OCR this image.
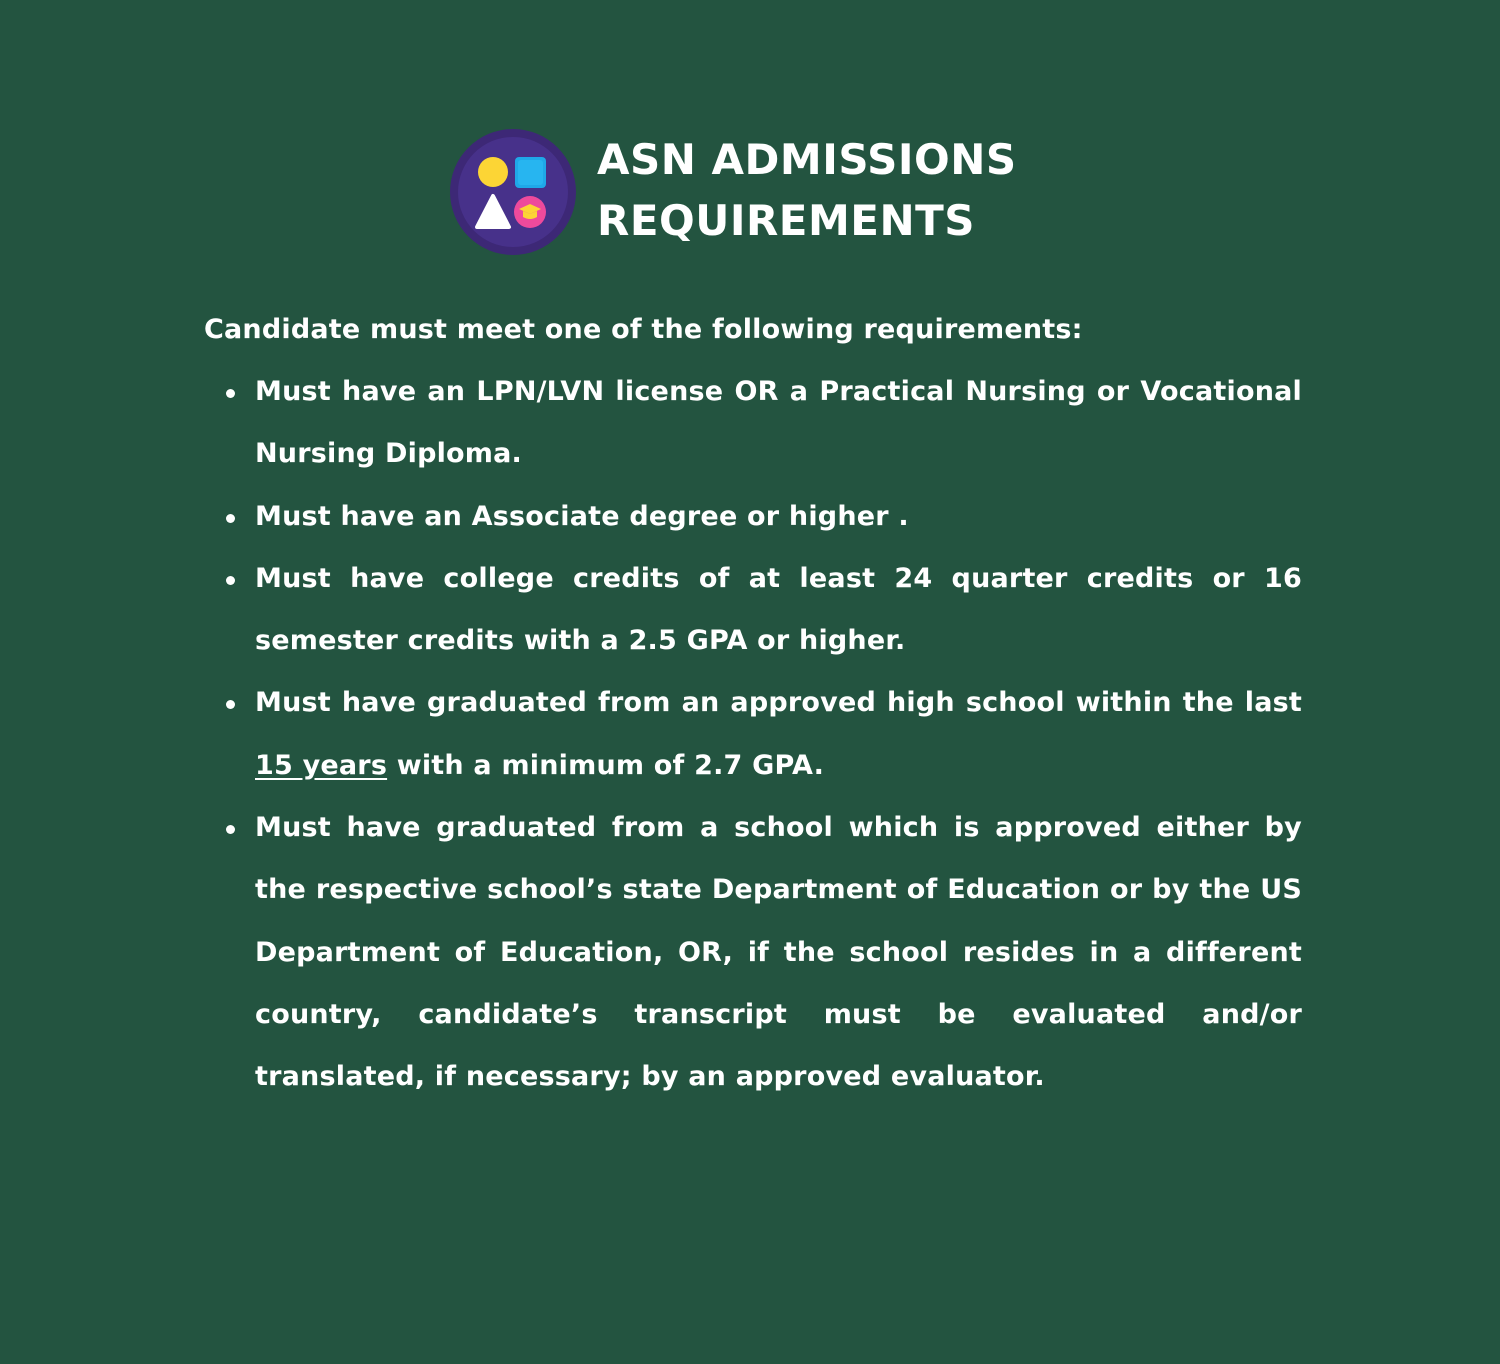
ASN ADMISSIONS
REQUIREMENTS
Candidate must meet one of the following requirements:
Must have an LPN/LVN license OR a Practical Nursing or Vocational Nursing Diploma.
Must have an Associate degree or higher .
Must have college credits of at least 24 quarter credits or 16 semester credits with a 2.5 GPA or higher.
Must have graduated from an approved high school within the last 15 years with a minimum of 2.7 GPA.
Must have graduated from a school which is approved either by the respective school’s state Department of Education or by the US Department of Education, OR, if the school resides in a different country, candidate’s transcript must be evaluated and/or translated, if necessary; by an approved evaluator.
